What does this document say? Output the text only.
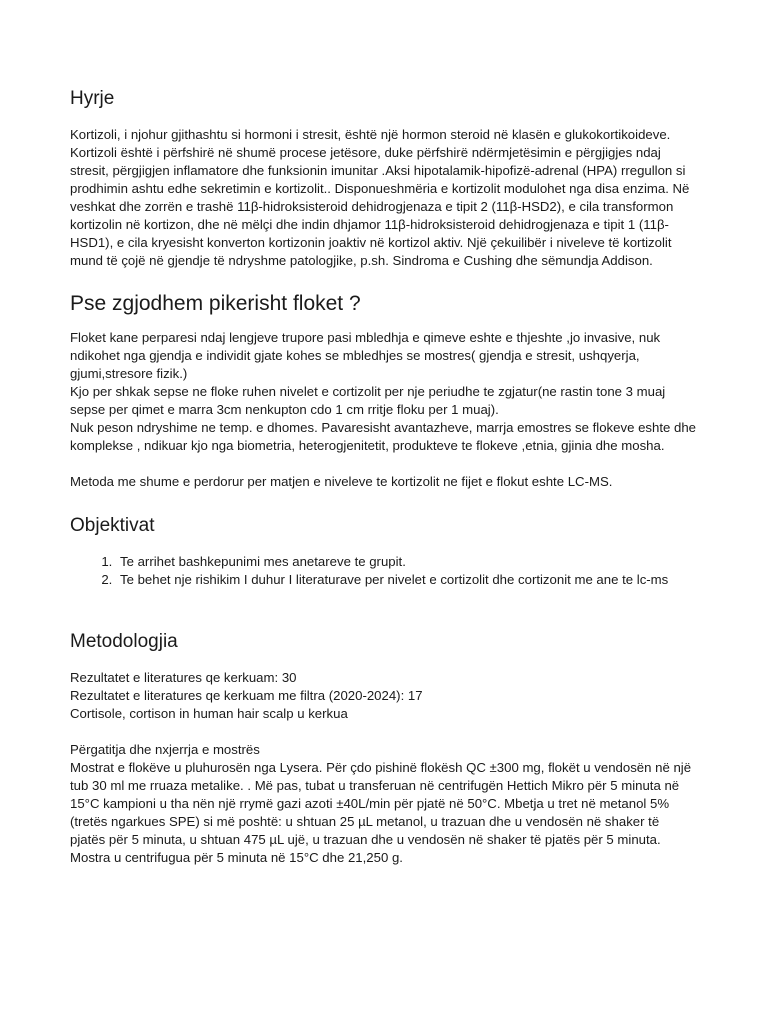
Hyrje

Kortizoli, i njohur gjithashtu si hormoni i stresit, është një hormon steroid në klasën e glukokortikoideve. Kortizoli është i përfshirë në shumë procese jetësore, duke përfshirë ndërmjetësimin e përgjigjes ndaj stresit, përgjigjen inflamatore dhe funksionin imunitar .Aksi hipotalamik-hipofizë-adrenal (HPA) rregullon si prodhimin ashtu edhe sekretimin e kortizolit.. Disponueshmëria e kortizolit modulohet nga disa enzima. Në veshkat dhe zorrën e trashë 11β-hidroksisteroid dehidrogjenaza e tipit 2 (11β-HSD2), e cila transformon kortizolin në kortizon, dhe në mëlçi dhe indin dhjamor 11β-hidroksisteroid dehidrogjenaza e tipit 1 (11β-HSD1), e cila kryesisht konverton kortizonin joaktiv në kortizol aktiv. Një çekuilibër i niveleve të kortizolit mund të çojë në gjendje të ndryshme patologjike, p.sh. Sindroma e Cushing dhe sëmundja Addison.

Pse zgjodhem pikerisht floket ?

Floket kane perparesi ndaj lengjeve trupore pasi mbledhja e qimeve eshte e thjeshte ,jo invasive, nuk ndikohet nga gjendja e individit gjate kohes se mbledhjes se mostres( gjendja e stresit, ushqyerja, gjumi,stresore fizik.)

Kjo per shkak sepse ne floke ruhen nivelet e cortizolit per nje periudhe te zgjatur(ne rastin tone 3 muaj sepse per qimet e marra 3cm nenkupton cdo 1 cm rritje floku per 1 muaj).

Nuk peson ndryshime ne temp. e dhomes. Pavaresisht avantazheve, marrja emostres se flokeve eshte dhe komplekse , ndikuar kjo nga biometria, heterogjenitetit, produkteve te flokeve ,etnia, gjinia dhe mosha.

Metoda me shume e perdorur per matjen e niveleve te kortizolit ne fijet e flokut eshte LC-MS.

Objektivat
1. Te arrihet bashkepunimi mes anetareve te grupit.
2. Te behet nje rishikim I duhur I literaturave per nivelet e cortizolit dhe cortizonit me ane te lc-ms
Metodologjia

Rezultatet e literatures qe kerkuam: 30

Rezultatet e literatures qe kerkuam me filtra (2020-2024): 17

Cortisole, cortison in human hair scalp u kerkua

Përgatitja dhe nxjerrja e mostrës

Mostrat e flokëve u pluhurosën nga Lysera. Për çdo pishinë flokësh QC ±300 mg, flokët u vendosën në një tub 30 ml me rruaza metalike. . Më pas, tubat u transferuan në centrifugën Hettich Mikro për 5 minuta në 15°C kampioni u tha nën një rrymë gazi azoti ±40L/min për pjatë në 50°C. Mbetja u tret në metanol 5% (tretës ngarkues SPE) si më poshtë: u shtuan 25 µL metanol, u trazuan dhe u vendosën në shaker të pjatës për 5 minuta, u shtuan 475 µL ujë, u trazuan dhe u vendosën në shaker të pjatës për 5 minuta. Mostra u centrifugua për 5 minuta në 15°C dhe 21,250 g.
